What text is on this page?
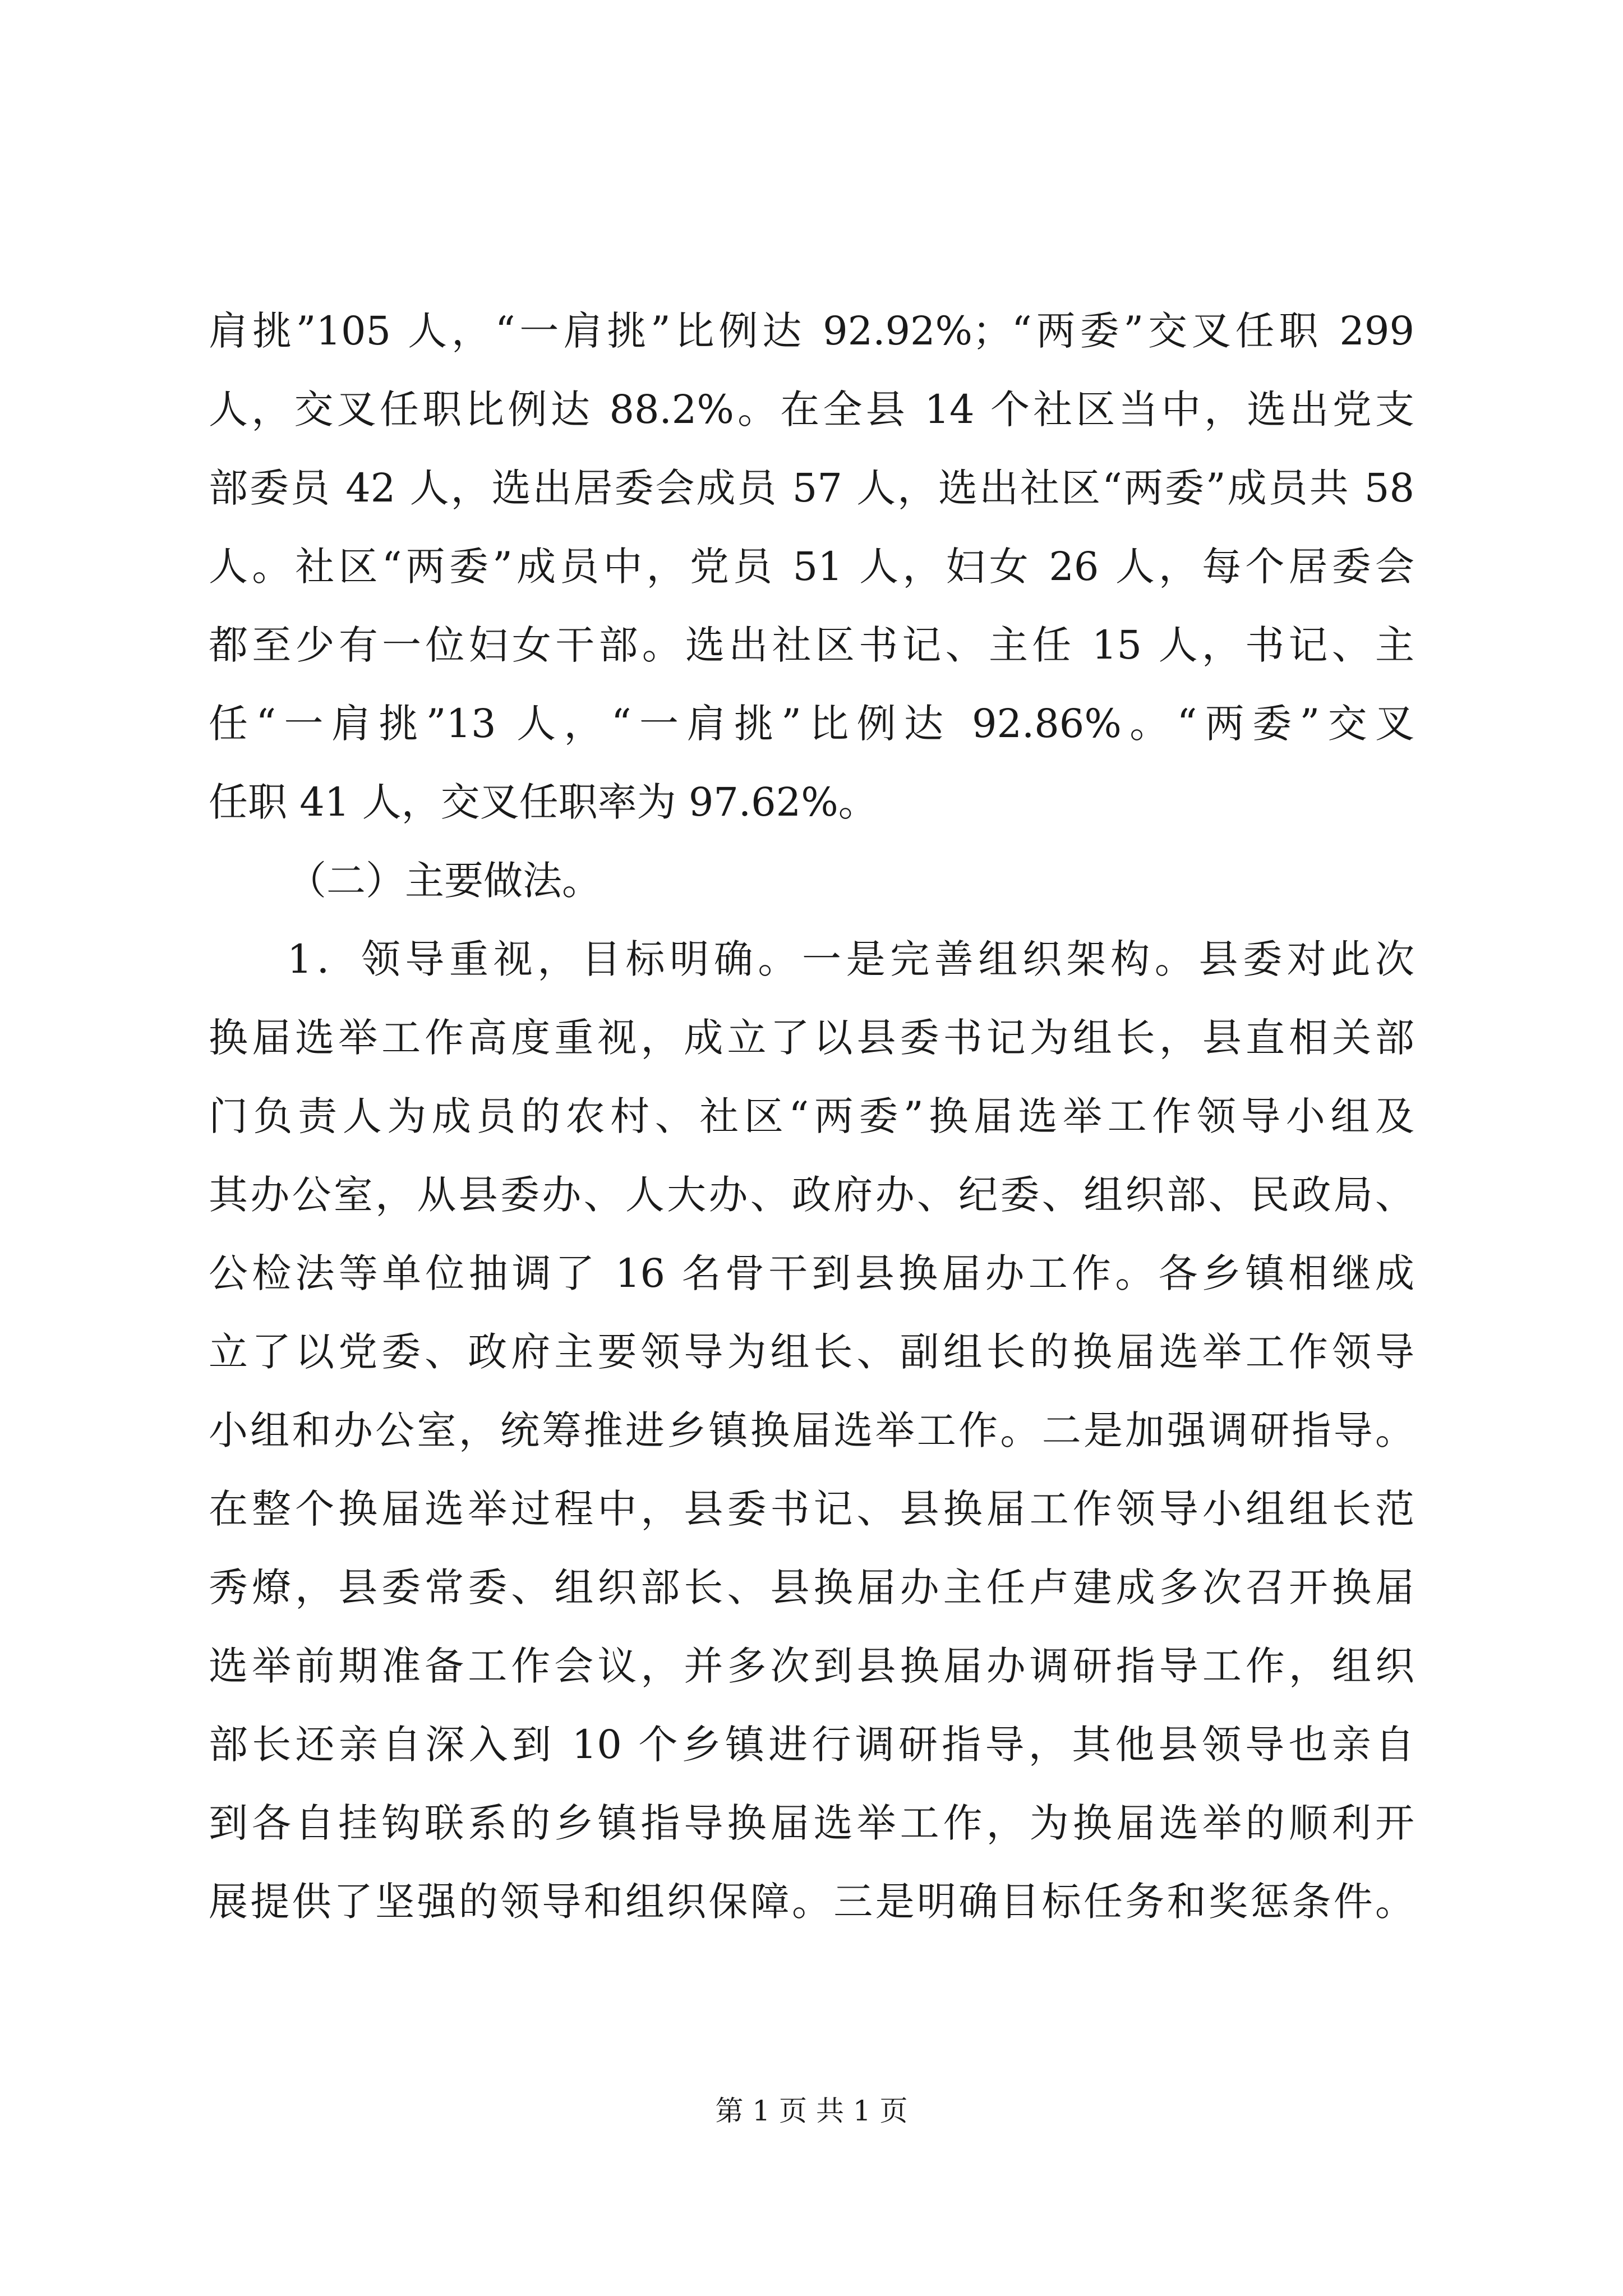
肩挑”105 人，“一肩挑”比例达 92.92%；“两委”交叉任职 299
人，交叉任职比例达 88.2%。在全县 14 个社区当中，选出党支
部委员 42 人，选出居委会成员 57 人，选出社区“两委”成员共 58
人。社区“两委”成员中，党员 51 人，妇女 26 人，每个居委会
都至少有一位妇女干部。选出社区书记、主任 15 人，书记、主
任“一肩挑”13 人，“一肩挑”比例达 92.86%。“两委”交叉
任职 41 人，交叉任职率为 97.62%。
（二）主要做法。
1．领导重视，目标明确。一是完善组织架构。县委对此次
换届选举工作高度重视，成立了以县委书记为组长，县直相关部
门负责人为成员的农村、社区“两委”换届选举工作领导小组及
其办公室，从县委办、人大办、政府办、纪委、组织部、民政局、
公检法等单位抽调了 16 名骨干到县换届办工作。各乡镇相继成
立了以党委、政府主要领导为组长、副组长的换届选举工作领导
小组和办公室，统筹推进乡镇换届选举工作。二是加强调研指导。
在整个换届选举过程中，县委书记、县换届工作领导小组组长范
秀燎，县委常委、组织部长、县换届办主任卢建成多次召开换届
选举前期准备工作会议，并多次到县换届办调研指导工作，组织
部长还亲自深入到 10 个乡镇进行调研指导，其他县领导也亲自
到各自挂钩联系的乡镇指导换届选举工作，为换届选举的顺利开
展提供了坚强的领导和组织保障。三是明确目标任务和奖惩条件。
第 1 页 共 1 页
